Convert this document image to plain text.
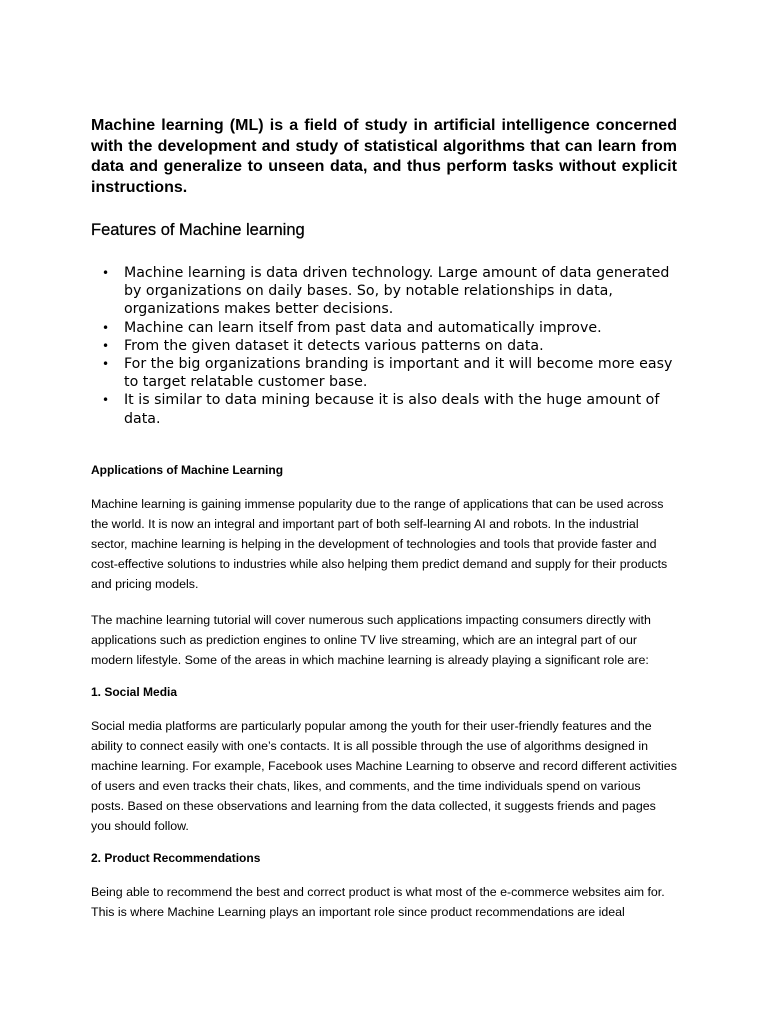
Machine learning (ML) is a field of study in artificial intelligence concerned with the development and study of statistical algorithms that can learn from data and generalize to unseen data, and thus perform tasks without explicit instructions.

Features of Machine learning
• Machine learning is data driven technology. Large amount of data generated by organizations on daily bases. So, by notable relationships in data, organizations makes better decisions.
• Machine can learn itself from past data and automatically improve.
• From the given dataset it detects various patterns on data.
• For the big organizations branding is important and it will become more easy to target relatable customer base.
• It is similar to data mining because it is also deals with the huge amount of data.
Applications of Machine Learning

Machine learning is gaining immense popularity due to the range of applications that can be used across the world. It is now an integral and important part of both self-learning AI and robots. In the industrial sector, machine learning is helping in the development of technologies and tools that provide faster and cost-effective solutions to industries while also helping them predict demand and supply for their products and pricing models.

The machine learning tutorial will cover numerous such applications impacting consumers directly with applications such as prediction engines to online TV live streaming, which are an integral part of our modern lifestyle. Some of the areas in which machine learning is already playing a significant role are:

1. Social Media

Social media platforms are particularly popular among the youth for their user-friendly features and the ability to connect easily with one’s contacts. It is all possible through the use of algorithms designed in machine learning. For example, Facebook uses Machine Learning to observe and record different activities of users and even tracks their chats, likes, and comments, and the time individuals spend on various posts. Based on these observations and learning from the data collected, it suggests friends and pages you should follow.

2. Product Recommendations

Being able to recommend the best and correct product is what most of the e-commerce websites aim for. This is where Machine Learning plays an important role since product recommendations are ideal
